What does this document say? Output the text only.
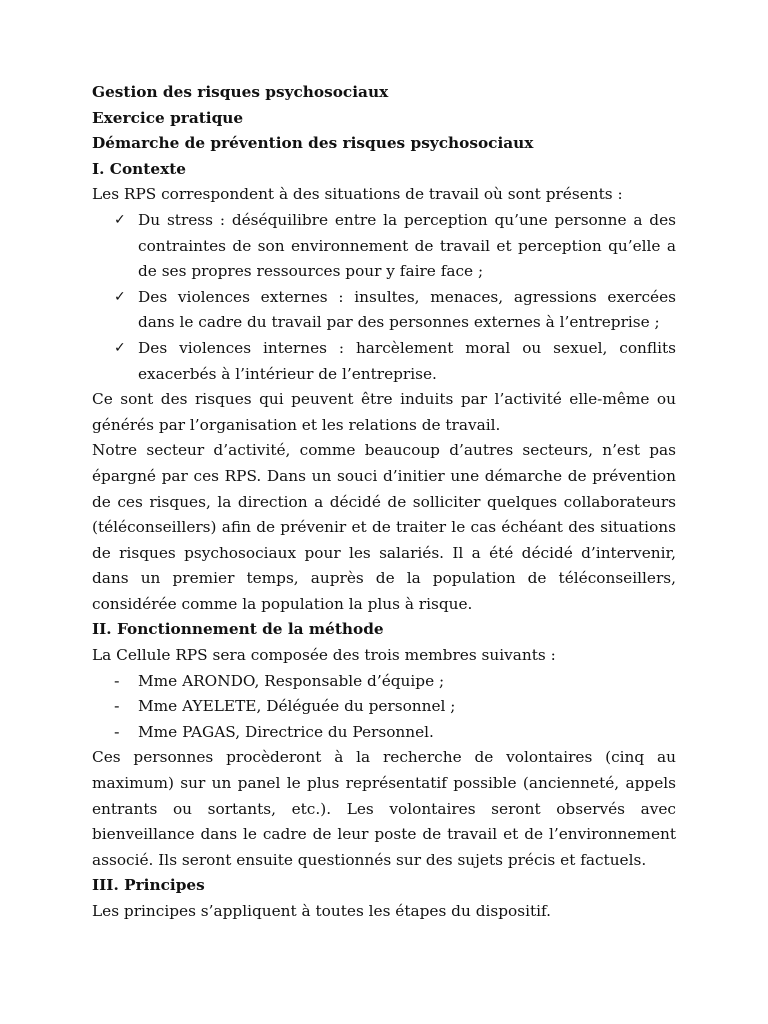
Gestion des risques psychosociaux

Exercice pratique

Démarche de prévention des risques psychosociaux

I. Contexte

Les RPS correspondent à des situations de travail où sont présents :

✓ Du stress : déséquilibre entre la perception qu’une personne a des contraintes de son environnement de travail et perception qu’elle a de ses propres ressources pour y faire face ;
✓ Des violences externes : insultes, menaces, agressions exercées dans le cadre du travail par des personnes externes à l’entreprise ;
✓ Des violences internes : harcèlement moral ou sexuel, conflits exacerbés à l’intérieur de l’entreprise.

Ce sont des risques qui peuvent être induits par l’activité elle-même ou générés par l’organisation et les relations de travail.

Notre secteur d’activité, comme beaucoup d’autres secteurs, n’est pas épargné par ces RPS. Dans un souci d’initier une démarche de prévention de ces risques, la direction a décidé de solliciter quelques collaborateurs (téléconseillers) afin de prévenir et de traiter le cas échéant des situations de risques psychosociaux pour les salariés. Il a été décidé d’intervenir, dans un premier temps, auprès de la population de téléconseillers, considérée comme la population la plus à risque.

II. Fonctionnement de la méthode

La Cellule RPS sera composée des trois membres suivants :

- Mme ARONDO, Responsable d’équipe ;
- Mme AYELETE, Déléguée du personnel ;
- Mme PAGAS, Directrice du Personnel.

Ces personnes procèderont à la recherche de volontaires (cinq au maximum) sur un panel le plus représentatif possible (ancienneté, appels entrants ou sortants, etc.). Les volontaires seront observés avec bienveillance dans le cadre de leur poste de travail et de l’environnement associé. Ils seront ensuite questionnés sur des sujets précis et factuels.

III. Principes

Les principes s’appliquent à toutes les étapes du dispositif.
